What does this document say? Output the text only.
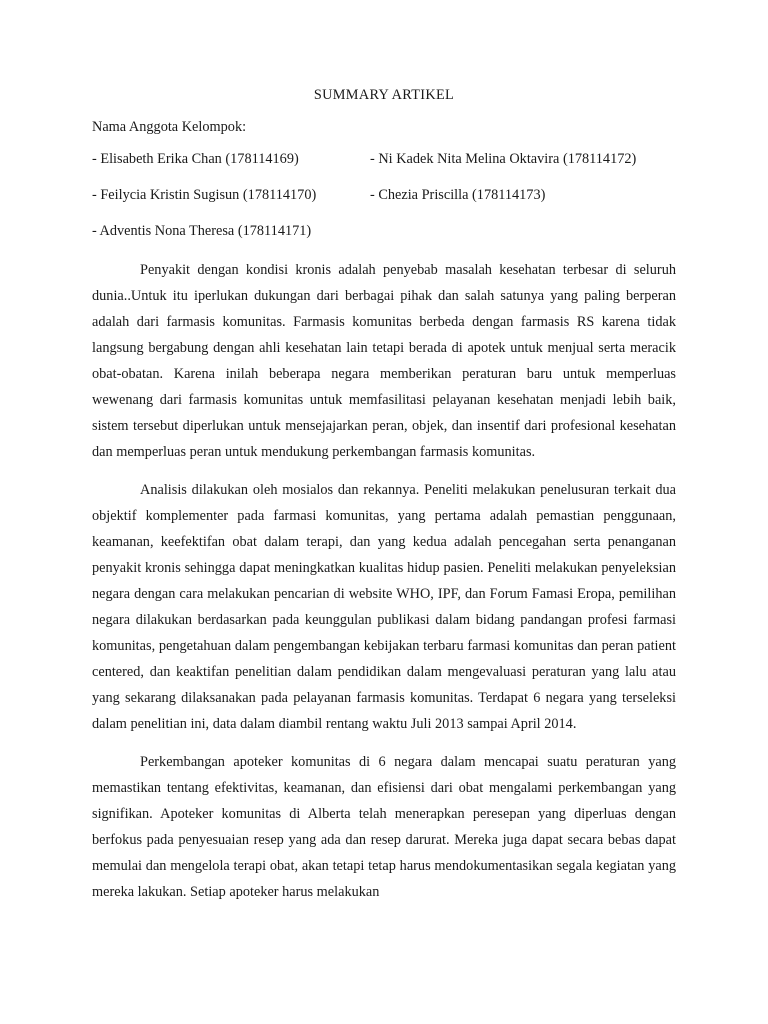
SUMMARY ARTIKEL
Nama Anggota Kelompok:
- Elisabeth Erika Chan (178114169)	- Ni Kadek Nita Melina Oktavira (178114172)
- Feilycia Kristin Sugisun (178114170)	- Chezia Priscilla (178114173)
- Adventis Nona Theresa (178114171)

Penyakit dengan kondisi kronis adalah penyebab masalah kesehatan terbesar di seluruh dunia..Untuk itu iperlukan dukungan dari berbagai pihak dan salah satunya yang paling berperan adalah dari farmasis komunitas. Farmasis komunitas berbeda dengan farmasis RS karena tidak langsung bergabung dengan ahli kesehatan lain tetapi berada di apotek untuk menjual serta meracik obat-obatan. Karena inilah beberapa negara memberikan peraturan baru untuk memperluas wewenang dari farmasis komunitas untuk memfasilitasi pelayanan kesehatan menjadi lebih baik, sistem tersebut diperlukan untuk mensejajarkan peran, objek, dan insentif dari profesional kesehatan dan memperluas peran untuk mendukung perkembangan farmasis komunitas.

Analisis dilakukan oleh mosialos dan rekannya. Peneliti melakukan penelusuran terkait dua objektif komplementer pada farmasi komunitas, yang pertama adalah pemastian penggunaan, keamanan, keefektifan obat dalam terapi, dan yang kedua adalah pencegahan serta penanganan penyakit kronis sehingga dapat meningkatkan kualitas hidup pasien. Peneliti melakukan penyeleksian negara dengan cara melakukan pencarian di website WHO, IPF, dan Forum Famasi Eropa, pemilihan negara dilakukan berdasarkan pada keunggulan publikasi dalam bidang pandangan profesi farmasi komunitas, pengetahuan dalam pengembangan kebijakan terbaru farmasi komunitas dan peran patient centered, dan keaktifan penelitian dalam pendidikan dalam mengevaluasi peraturan yang lalu atau yang sekarang dilaksanakan pada pelayanan farmasis komunitas. Terdapat 6 negara yang terseleksi dalam penelitian ini, data dalam diambil rentang waktu Juli 2013 sampai April 2014.

Perkembangan apoteker komunitas di 6 negara dalam mencapai suatu peraturan yang memastikan tentang efektivitas, keamanan, dan efisiensi dari obat mengalami perkembangan yang signifikan. Apoteker komunitas di Alberta telah menerapkan peresepan yang diperluas dengan berfokus pada penyesuaian resep yang ada dan resep darurat. Mereka juga dapat secara bebas dapat memulai dan mengelola terapi obat, akan tetapi tetap harus mendokumentasikan segala kegiatan yang mereka lakukan. Setiap apoteker harus melakukan
